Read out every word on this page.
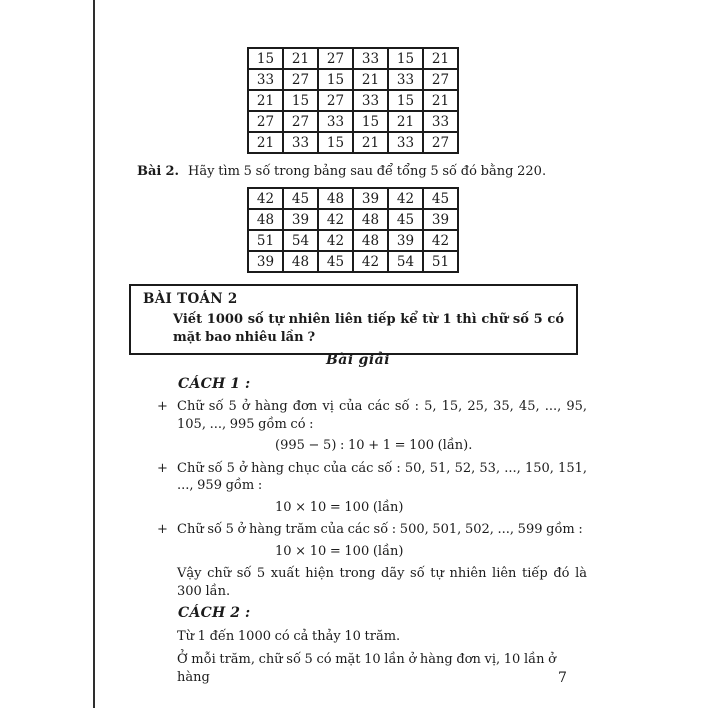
15	21	27	33	15	21
33	27	15	21	33	27
21	15	27	33	15	21
27	27	33	15	21	33
21	33	15	21	33	27
Bài 2. Hãy tìm 5 số trong bảng sau để tổng 5 số đó bằng 220.
42	45	48	39	42	45
48	39	42	48	45	39
51	54	42	48	39	42
39	48	45	42	54	51
BÀI TOÁN 2
Viết 1000 số tự nhiên liên tiếp kể từ 1 thì chữ số 5 có mặt bao nhiêu lần ?
Bài giải
CÁCH 1 :
+ Chữ số 5 ở hàng đơn vị của các số : 5, 15, 25, 35, 45, ..., 95, 105, ..., 995 gồm có :
(995 − 5) : 10 + 1 = 100 (lần).
+ Chữ số 5 ở hàng chục của các số : 50, 51, 52, 53, ..., 150, 151, ..., 959 gồm :
10 × 10 = 100 (lần)
+ Chữ số 5 ở hàng trăm của các số : 500, 501, 502, ..., 599 gồm :
10 × 10 = 100 (lần)
Vậy chữ số 5 xuất hiện trong dãy số tự nhiên liên tiếp đó là 300 lần.
CÁCH 2 :
Từ 1 đến 1000 có cả thảy 10 trăm.
Ở mỗi trăm, chữ số 5 có mặt 10 lần ở hàng đơn vị, 10 lần ở hàng	7
